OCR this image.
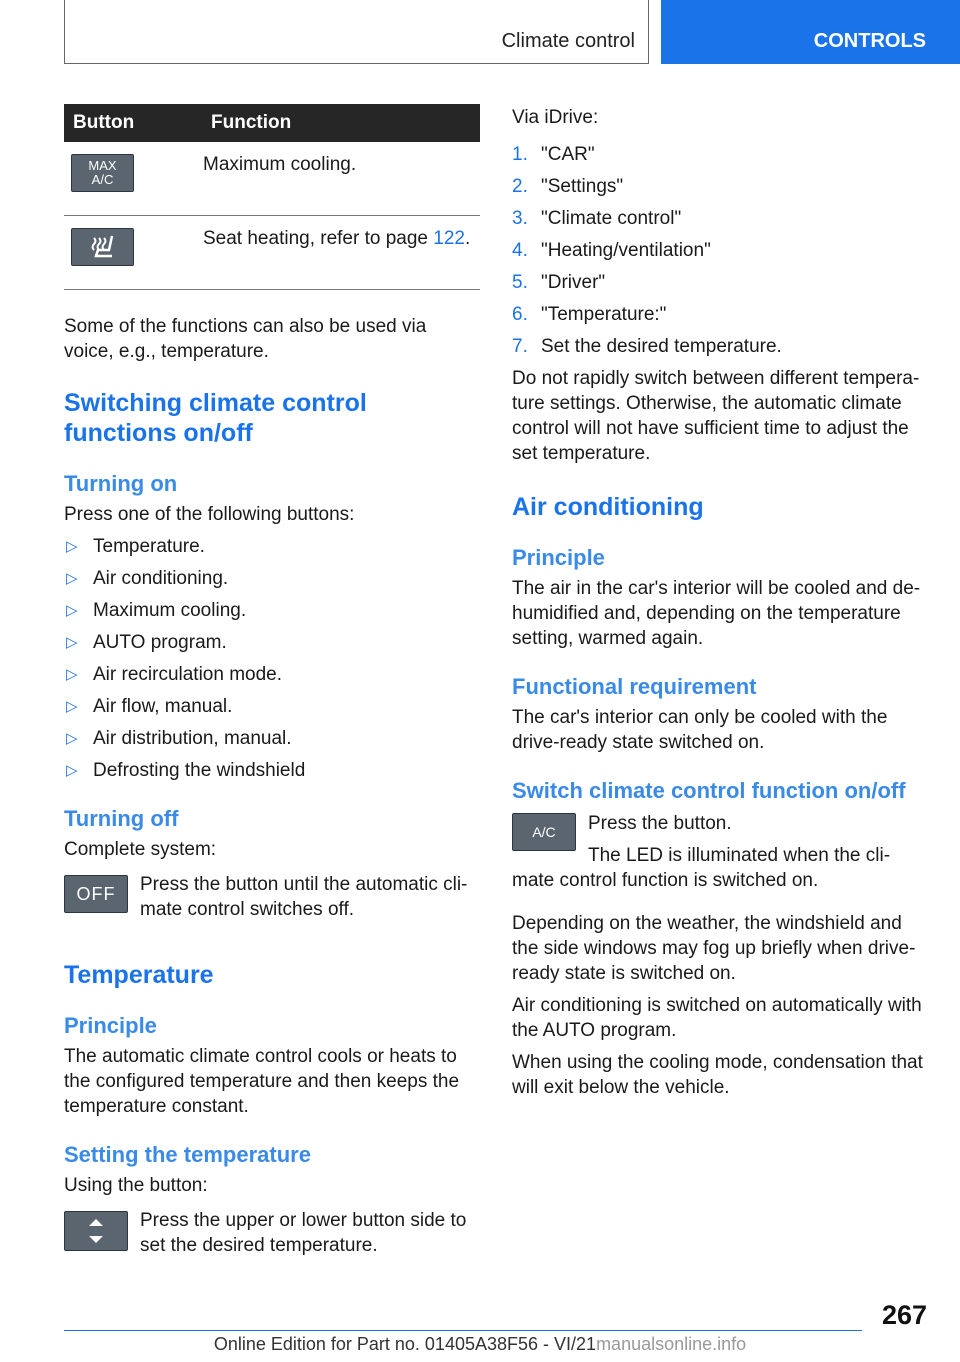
Climate control	CONTROLS
Button	Function

MAX
A/C	Maximum cooling.

	Seat heating, refer to page 122.

Some of the functions can also be used via voice, e.g., temperature.

Switching climate control functions on/off

Turning on

Press one of the following buttons:

▷ Temperature.
▷ Air conditioning.
▷ Maximum cooling.
▷ AUTO program.
▷ Air recirculation mode.
▷ Air flow, manual.
▷ Air distribution, manual.
▷ Defrosting the windshield

Turning off

Complete system:

OFF	Press the button until the automatic cli-mate control switches off.

Temperature

Principle

The automatic climate control cools or heats to the configured temperature and then keeps the temperature constant.

Setting the temperature

Using the button:

Press the upper or lower button side to set the desired temperature.

Via iDrive:

1. "CAR"
2. "Settings"
3. "Climate control"
4. "Heating/ventilation"
5. "Driver"
6. "Temperature:"
7. Set the desired temperature.

Do not rapidly switch between different tempera-ture settings. Otherwise, the automatic climate control will not have sufficient time to adjust the set temperature.

Air conditioning

Principle

The air in the car's interior will be cooled and de-humidified and, depending on the temperature setting, warmed again.

Functional requirement

The car's interior can only be cooled with the drive-ready state switched on.

Switch climate control function on/off

A/C	Press the button.

The LED is illuminated when the cli-mate control function is switched on.

Depending on the weather, the windshield and the side windows may fog up briefly when drive-ready state is switched on.

Air conditioning is switched on automatically with the AUTO program.

When using the cooling mode, condensation that will exit below the vehicle.

267
Online Edition for Part no. 01405A38F56 - VI/21manualsonline.info
